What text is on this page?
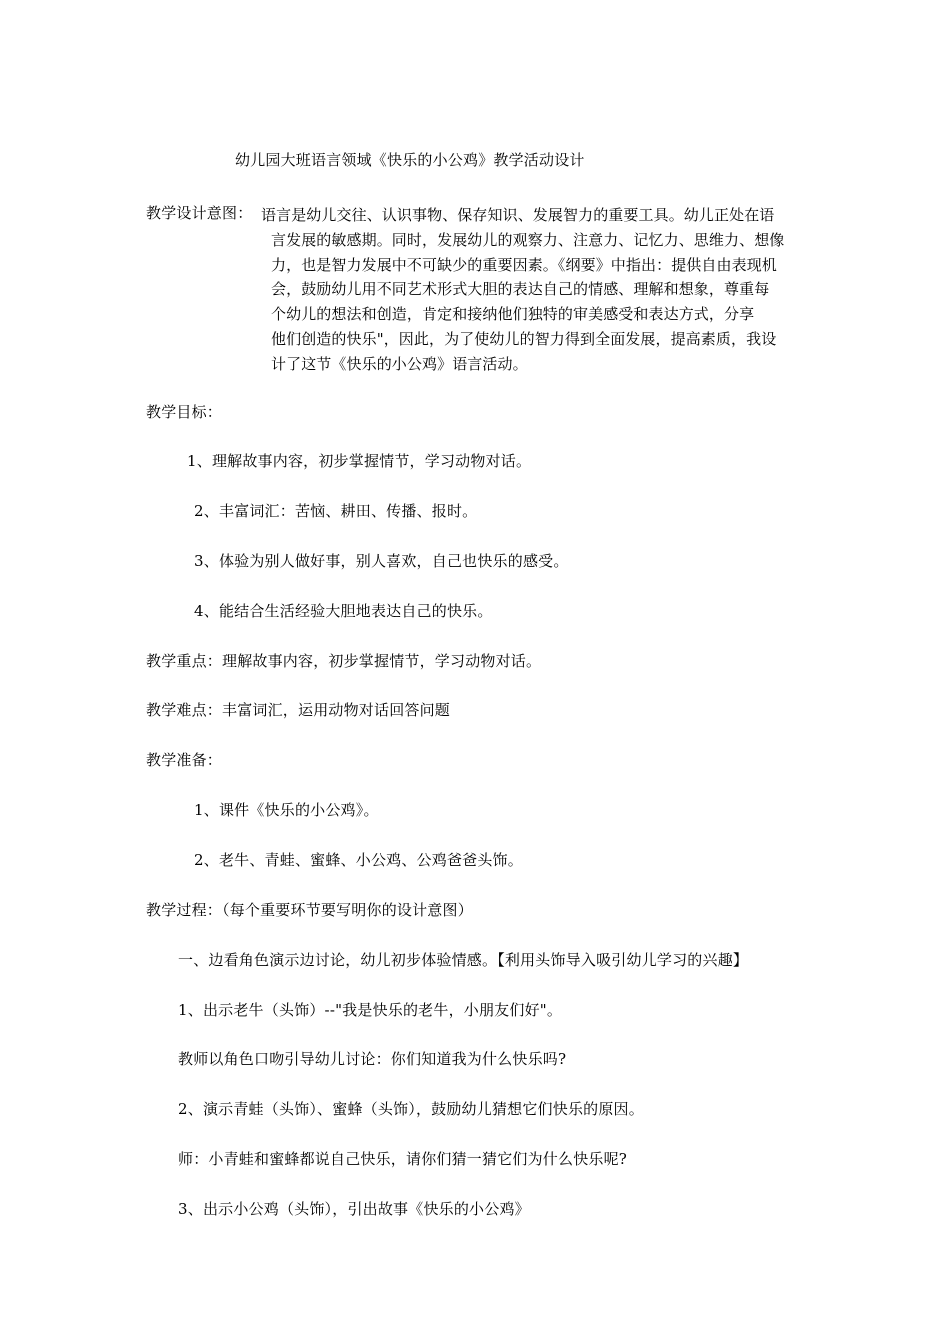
幼儿园大班语言领域《快乐的小公鸡》教学活动设计
教学设计意图： 语言是幼儿交往、认识事物、保存知识、发展智力的重要工具。幼儿正处在语
言发展的敏感期。同时，发展幼儿的观察力、注意力、记忆力、思维力、想像
力，也是智力发展中不可缺少的重要因素。《纲要》中指出：提供自由表现机
会，鼓励幼儿用不同艺术形式大胆的表达自己的情感、理解和想象，尊重每
个幼儿的想法和创造，肯定和接纳他们独特的审美感受和表达方式，分享
他们创造的快乐"，因此，为了使幼儿的智力得到全面发展，提高素质，我设
计了这节《快乐的小公鸡》语言活动。
教学目标：
1、理解故事内容，初步掌握情节，学习动物对话。
2、丰富词汇：苦恼、耕田、传播、报时。
3、体验为别人做好事，别人喜欢，自己也快乐的感受。
4、能结合生活经验大胆地表达自己的快乐。
教学重点：理解故事内容，初步掌握情节，学习动物对话。
教学难点：丰富词汇，运用动物对话回答问题
教学准备：
1、课件《快乐的小公鸡》。
2、老牛、青蛙、蜜蜂、小公鸡、公鸡爸爸头饰。
教学过程：（每个重要环节要写明你的设计意图）
一、边看角色演示边讨论，幼儿初步体验情感。【利用头饰导入吸引幼儿学习的兴趣】
1、出示老牛（头饰）--"我是快乐的老牛，小朋友们好"。
教师以角色口吻引导幼儿讨论：你们知道我为什么快乐吗?
2、演示青蛙（头饰）、蜜蜂（头饰），鼓励幼儿猜想它们快乐的原因。
师：小青蛙和蜜蜂都说自己快乐，请你们猜一猜它们为什么快乐呢?
3、出示小公鸡（头饰），引出故事《快乐的小公鸡》
